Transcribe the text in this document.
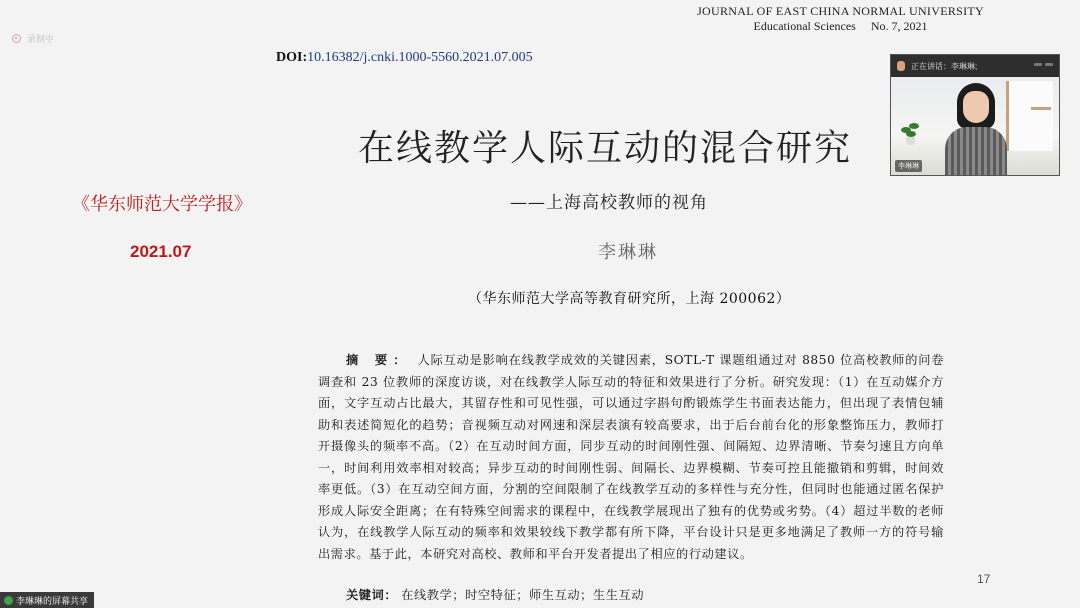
JOURNAL OF EAST CHINA NORMAL UNIVERSITY
Educational Sciences No. 7, 2021
录制中
DOI:10.16382/j.cnki.1000-5560.2021.07.005
在线教学人际互动的混合研究
——上海高校教师的视角
李琳琳
（华东师范大学高等教育研究所，上海 200062）
《华东师范大学学报》
2021.07
摘 要： 人际互动是影响在线教学成效的关键因素，SOTL-T 课题组通过对 8850 位高校教师的问卷调查和 23 位教师的深度访谈，对在线教学人际互动的特征和效果进行了分析。研究发现：（1）在互动媒介方面，文字互动占比最大，其留存性和可见性强，可以通过字斟句酌锻炼学生书面表达能力，但出现了表情包辅助和表述简短化的趋势；音视频互动对网速和深层表演有较高要求，出于后台前台化的形象整饰压力，教师打开摄像头的频率不高。（2）在互动时间方面，同步互动的时间刚性强、间隔短、边界清晰、节奏匀速且方向单一，时间利用效率相对较高；异步互动的时间刚性弱、间隔长、边界模糊、节奏可控且能撤销和剪辑，时间效率更低。（3）在互动空间方面，分割的空间限制了在线教学互动的多样性与充分性，但同时也能通过匿名保护形成人际安全距离；在有特殊空间需求的课程中，在线教学展现出了独有的优势或劣势。（4）超过半数的老师认为，在线教学人际互动的频率和效果较线下教学都有所下降，平台设计只是更多地满足了教师一方的符号输出需求。基于此，本研究对高校、教师和平台开发者提出了相应的行动建议。
关键词： 在线教学；时空特征；师生互动；生生互动
17
正在讲话：李琳琳;
李琳琳
李琳琳的屏幕共享
